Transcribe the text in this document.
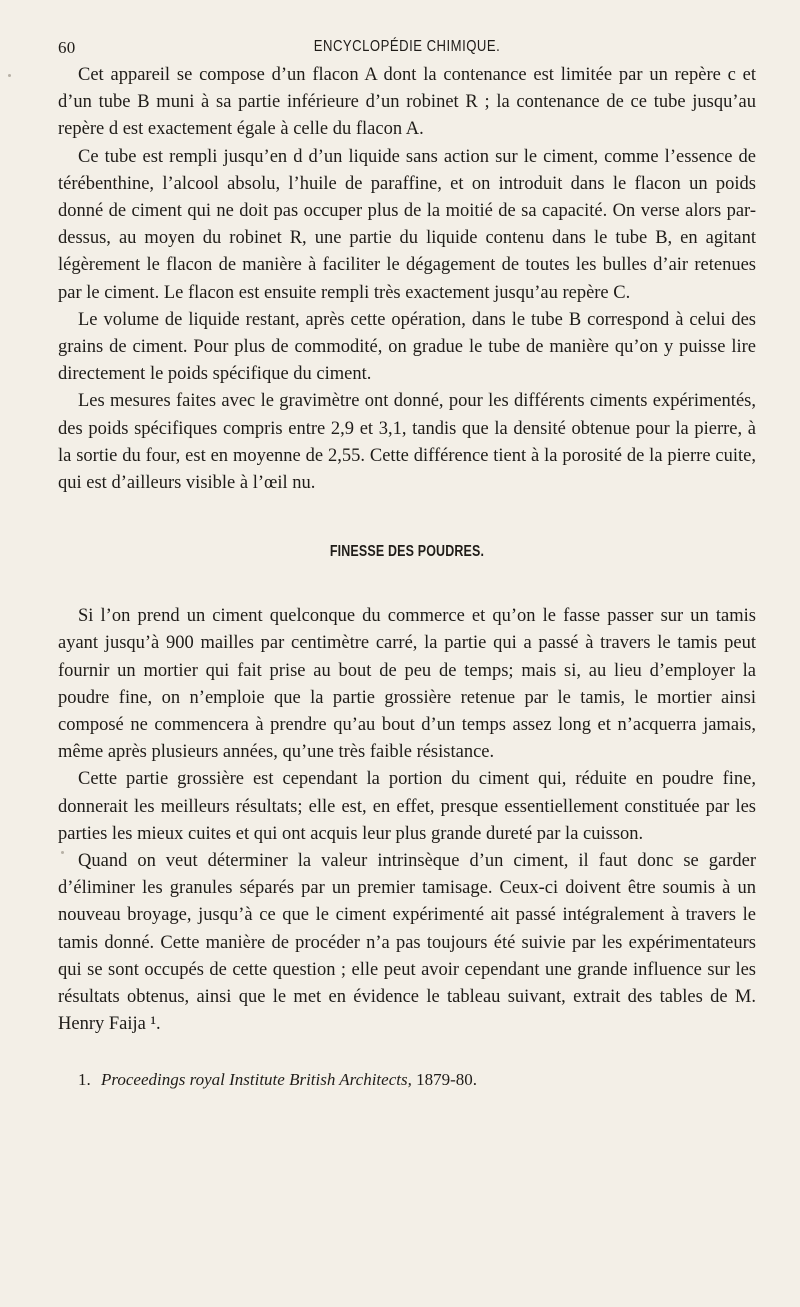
60	ENCYCLOPÉDIE CHIMIQUE.

Cet appareil se compose d’un flacon A dont la contenance est limitée par un repère c et d’un tube B muni à sa partie inférieure d’un robinet R ; la contenance de ce tube jusqu’au repère d est exactement égale à celle du flacon A.

Ce tube est rempli jusqu’en d d’un liquide sans action sur le ciment, comme l’essence de térébenthine, l’alcool absolu, l’huile de paraffine, et on introduit dans le flacon un poids donné de ciment qui ne doit pas occuper plus de la moitié de sa capacité. On verse alors par-dessus, au moyen du robinet R, une partie du liquide contenu dans le tube B, en agitant légèrement le flacon de manière à faciliter le dégagement de toutes les bulles d’air retenues par le ciment. Le flacon est ensuite rempli très exactement jusqu’au repère C.

Le volume de liquide restant, après cette opération, dans le tube B correspond à celui des grains de ciment. Pour plus de commodité, on gradue le tube de manière qu’on y puisse lire directement le poids spécifique du ciment.

Les mesures faites avec le gravimètre ont donné, pour les différents ciments expérimentés, des poids spécifiques compris entre 2,9 et 3,1, tandis que la densité obtenue pour la pierre, à la sortie du four, est en moyenne de 2,55. Cette différence tient à la porosité de la pierre cuite, qui est d’ailleurs visible à l’œil nu.

FINESSE DES POUDRES.

Si l’on prend un ciment quelconque du commerce et qu’on le fasse passer sur un tamis ayant jusqu’à 900 mailles par centimètre carré, la partie qui a passé à travers le tamis peut fournir un mortier qui fait prise au bout de peu de temps; mais si, au lieu d’employer la poudre fine, on n’emploie que la partie grossière retenue par le tamis, le mortier ainsi composé ne commencera à prendre qu’au bout d’un temps assez long et n’acquerra jamais, même après plusieurs années, qu’une très faible résistance.

Cette partie grossière est cependant la portion du ciment qui, réduite en poudre fine, donnerait les meilleurs résultats; elle est, en effet, presque essentiellement constituée par les parties les mieux cuites et qui ont acquis leur plus grande dureté par la cuisson.

Quand on veut déterminer la valeur intrinsèque d’un ciment, il faut donc se garder d’éliminer les granules séparés par un premier tamisage. Ceux-ci doivent être soumis à un nouveau broyage, jusqu’à ce que le ciment expérimenté ait passé intégralement à travers le tamis donné. Cette manière de procéder n’a pas toujours été suivie par les expérimentateurs qui se sont occupés de cette question ; elle peut avoir cependant une grande influence sur les résultats obtenus, ainsi que le met en évidence le tableau suivant, extrait des tables de M. Henry Faija ¹.

1. Proceedings royal Institute British Architects, 1879-80.
